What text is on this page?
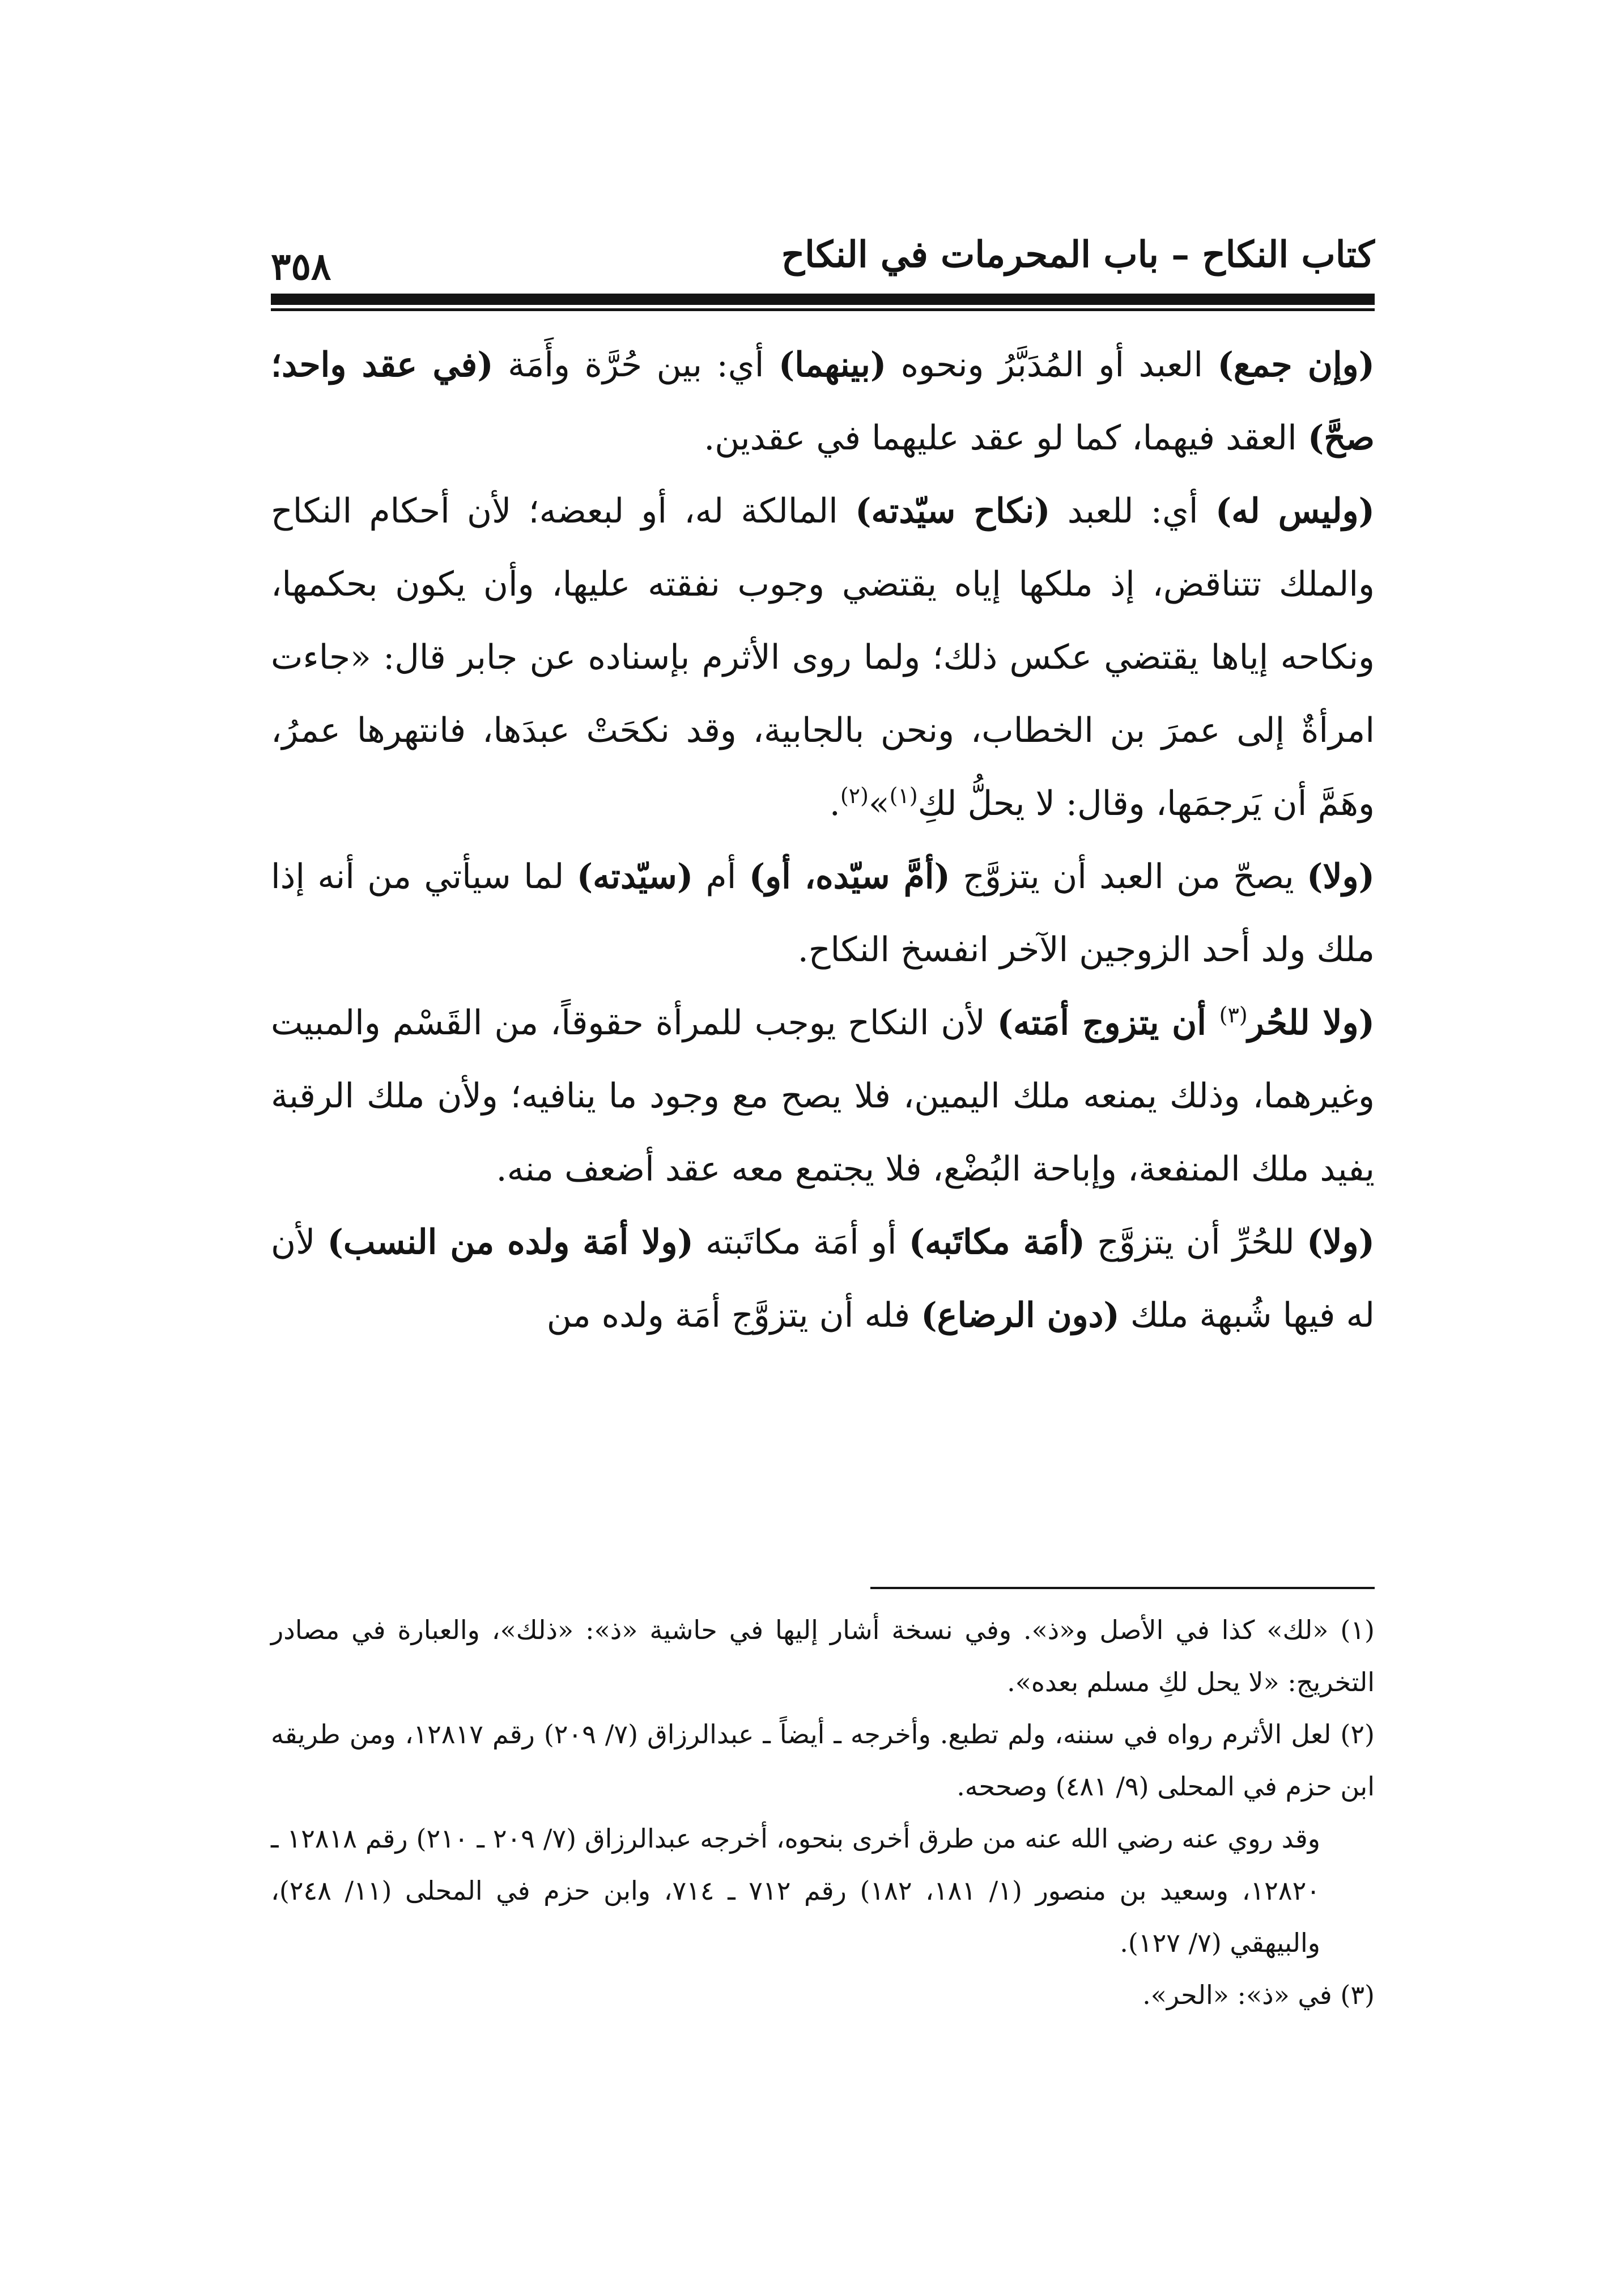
كتاب النكاح – باب المحرمات في النكاح
٣٥٨

(وإن جمع) العبد أو المُدَبَّرُ ونحوه (بينهما) أي: بين حُرَّة وأَمَة (في عقد واحد؛ صحَّ) العقد فيهما، كما لو عقد عليهما في عقدين.

(وليس له) أي: للعبد (نكاح سيّدته) المالكة له، أو لبعضه؛ لأن أحكام النكاح والملك تتناقض، إذ ملكها إياه يقتضي وجوب نفقته عليها، وأن يكون بحكمها، ونكاحه إياها يقتضي عكس ذلك؛ ولما روى الأثرم بإسناده عن جابر قال: «جاءت امرأةٌ إلى عمرَ بن الخطاب، ونحن بالجابية، وقد نكحَتْ عبدَها، فانتهرها عمرُ، وهَمَّ أن يَرجمَها، وقال: لا يحلُّ لكِ$^{(١)}$»$^{(٢)}$.

(ولا) يصحّ من العبد أن يتزوَّج (أمَّ سيّده، أو) أم (سيّدته) لما سيأتي من أنه إذا ملك ولد أحد الزوجين الآخر انفسخ النكاح.

(ولا للحُر$^{(٣)}$ أن يتزوج أمَته) لأن النكاح يوجب للمرأة حقوقاً، من القَسْم والمبيت وغيرهما، وذلك يمنعه ملك اليمين، فلا يصح مع وجود ما ينافيه؛ ولأن ملك الرقبة يفيد ملك المنفعة، وإباحة البُضْع، فلا يجتمع معه عقد أضعف منه.

(ولا) للحُرِّ أن يتزوَّج (أمَة مكاتَبه) أو أمَة مكاتَبته (ولا أمَة ولده من النسب) لأن له فيها شُبهة ملك (دون الرضاع) فله أن يتزوَّج أمَة ولده من

(١) «لك» كذا في الأصل و«ذ». وفي نسخة أشار إليها في حاشية «ذ»: «ذلك»، والعبارة في مصادر التخريج: «لا يحل لكِ مسلم بعده».

(٢) لعل الأثرم رواه في سننه، ولم تطبع. وأخرجه ـ أيضاً ـ عبدالرزاق (٧/ ٢٠٩) رقم ١٢٨١٧، ومن طريقه ابن حزم في المحلى (٩/ ٤٨١) وصححه.

وقد روي عنه رضي الله عنه من طرق أخرى بنحوه، أخرجه عبدالرزاق (٧/ ٢٠٩ ـ ٢١٠) رقم ١٢٨١٨ ـ ١٢٨٢٠، وسعيد بن منصور (١/ ١٨١، ١٨٢) رقم ٧١٢ ـ ٧١٤، وابن حزم في المحلى (١١/ ٢٤٨)، والبيهقي (٧/ ١٢٧).

(٣) في «ذ»: «الحر».
